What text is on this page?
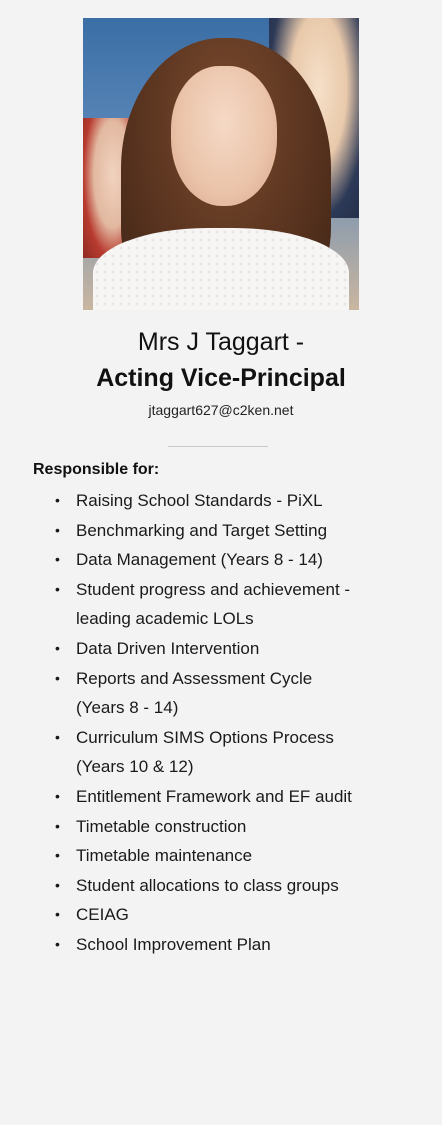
Mrs J Taggart -
Acting Vice-Principal
jtaggart627@c2ken.net
Responsible for:
• Raising School Standards - PiXL
• Benchmarking and Target Setting
• Data Management (Years 8 - 14)
• Student progress and achievement -
leading academic LOLs
• Data Driven Intervention
• Reports and Assessment Cycle
(Years 8 - 14)
• Curriculum SIMS Options Process
(Years 10 & 12)
• Entitlement Framework and EF audit
• Timetable construction
• Timetable maintenance
• Student allocations to class groups
• CEIAG
• School Improvement Plan
